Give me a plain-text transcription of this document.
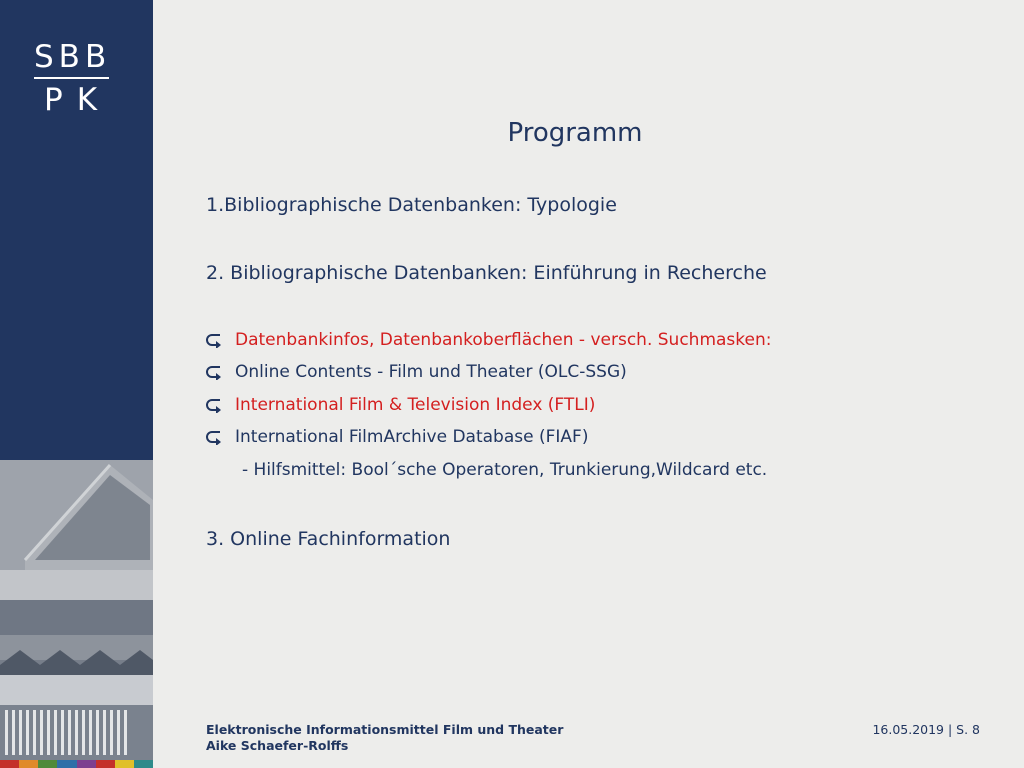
SBB
PK
Programm
1.Bibliographische Datenbanken: Typologie
2. Bibliographische Datenbanken: Einführung in Recherche
Datenbankinfos, Datenbankoberflächen - versch. Suchmasken:
Online Contents - Film und Theater (OLC-SSG)
International Film & Television Index (FTLI)
International FilmArchive Database (FIAF)
- Hilfsmittel: Bool´sche Operatoren, Trunkierung,Wildcard etc.
3. Online Fachinformation
Elektronische Informationsmittel Film und Theater
Aike Schaefer-Rolffs
16.05.2019 | S. 8
